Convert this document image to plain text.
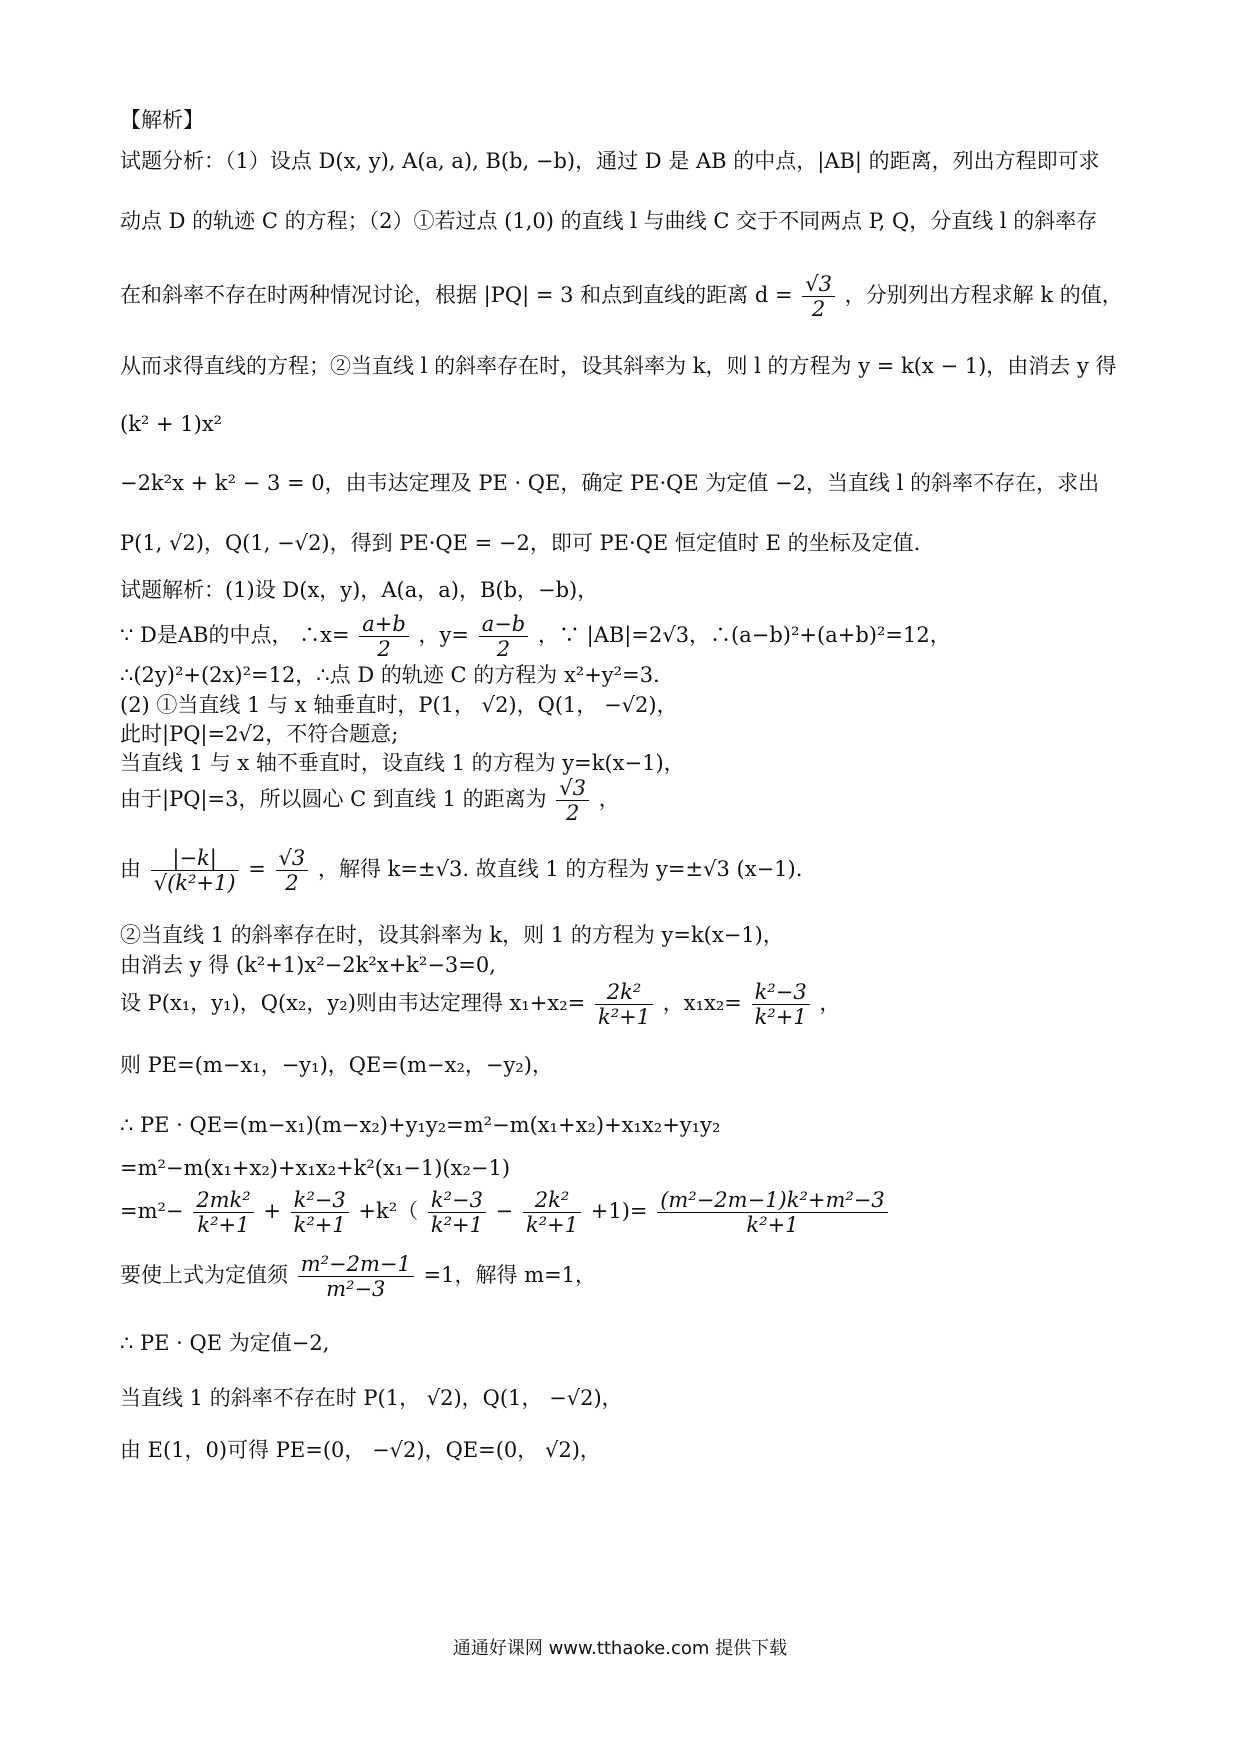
【解析】
试题分析：（1）设点 D(x, y), A(a, a), B(b, −b)，通过 D 是 AB 的中点，|AB| 的距离，列出方程即可求
动点 D 的轨迹 C 的方程；（2）①若过点 (1,0) 的直线 l 与曲线 C 交于不同两点 P, Q，分直线 l 的斜率存
在和斜率不存在时两种情况讨论，根据 |PQ| = 3 和点到直线的距离 $d = \frac{√3}{2}$ ，分别列出方程求解 k 的值，
从而求得直线的方程；②当直线 l 的斜率存在时，设其斜率为 k，则 l 的方程为 y = k(x − 1)，由消去 y 得
(k² + 1)x²
−2k²x + k² − 3 = 0，由韦达定理及 PE · QE，确定 PE·QE 为定值 −2，当直线 l 的斜率不存在，求出
P(1, √2)，Q(1, −√2)，得到 PE·QE = −2，即可 PE·QE 恒定值时 E 的坐标及定值.
试题解析：(1)设 D(x，y)，A(a，a)，B(b，−b)，
∵ D是AB的中点， ∴x= $\frac{a+b}{2}$ ，$y= \frac{a-b}{2}$ ，∵ |AB|=2√3，∴(a−b)²+(a+b)²=12，
∴(2y)²+(2x)²=12，∴点 D 的轨迹 C 的方程为 x²+y²=3.
(2) ①当直线 1 与 x 轴垂直时，P(1， √2)，Q(1， −√2)，
此时|PQ|=2√2，不符合题意;
当直线 1 与 x 轴不垂直时，设直线 1 的方程为 y=k(x−1)，
由于|PQ|=3，所以圆心 C 到直线 1 的距离为 $\frac{√3}{2}$ ，
由 $\frac{|-k|}{\text{√(k²+1)}} = \frac{√3}{2}$ ，解得 k=±√3. 故直线 1 的方程为 y=±√3 (x−1).
②当直线 1 的斜率存在时，设其斜率为 k，则 1 的方程为 y=k(x−1)，
由消去 y 得 (k²+1)x²−2k²x+k²−3=0,
设 P(x₁，y₁)，Q(x₂，y₂)则由韦达定理得 $x_1+x_2= \frac{\text{2k²}}{\text{k²+1}}$ ，$x_1x_2= \frac{\text{k²−3}}{\text{k²+1}}$ ，
则 PE=(m−x₁，−y₁)，QE=(m−x₂，−y₂)，
∴ PE · QE=(m−x₁)(m−x₂)+y₁y₂=m²−m(x₁+x₂)+x₁x₂+y₁y₂
=m²−m(x₁+x₂)+x₁x₂+k²(x₁−1)(x₂−1)
$=m^2- \frac{\text{2mk²}}{\text{k²+1}} + \frac{\text{k²−3}}{\text{k²+1}} +k^2( \frac{\text{k²−3}}{\text{k²+1}} - \frac{\text{2k²}}{\text{k²+1}} +1)= \frac{\text{(m²−2m−1)k²+m²−3}}{\text{k²+1}}$
要使上式为定值须 $\frac{\text{m²−2m−1}}{\text{m²−3}} =1$，解得 m=1，
∴ PE · QE 为定值−2,
当直线 1 的斜率不存在时 P(1， √2)，Q(1， −√2)，
由 E(1，0)可得 PE=(0， −√2)，QE=(0， √2)，
通通好课网 www.tthaoke.com 提供下载
